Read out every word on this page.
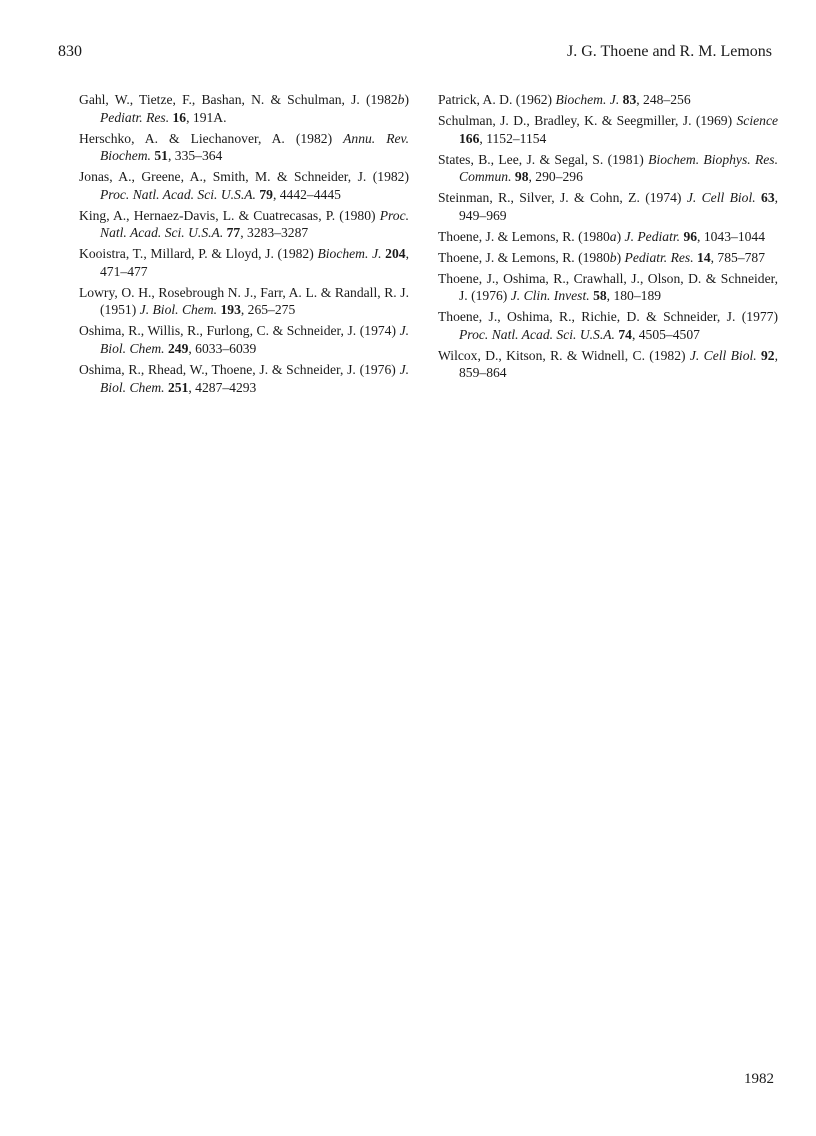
830	J. G. Thoene and R. M. Lemons

Gahl, W., Tietze, F., Bashan, N. & Schulman, J. (1982b) Pediatr. Res. 16, 191A.

Herschko, A. & Liechanover, A. (1982) Annu. Rev. Biochem. 51, 335–364

Jonas, A., Greene, A., Smith, M. & Schneider, J. (1982) Proc. Natl. Acad. Sci. U.S.A. 79, 4442–4445

King, A., Hernaez-Davis, L. & Cuatrecasas, P. (1980) Proc. Natl. Acad. Sci. U.S.A. 77, 3283–3287

Kooistra, T., Millard, P. & Lloyd, J. (1982) Biochem. J. 204, 471–477

Lowry, O. H., Rosebrough N. J., Farr, A. L. & Randall, R. J. (1951) J. Biol. Chem. 193, 265–275

Oshima, R., Willis, R., Furlong, C. & Schneider, J. (1974) J. Biol. Chem. 249, 6033–6039

Oshima, R., Rhead, W., Thoene, J. & Schneider, J. (1976) J. Biol. Chem. 251, 4287–4293

Patrick, A. D. (1962) Biochem. J. 83, 248–256

Schulman, J. D., Bradley, K. & Seegmiller, J. (1969) Science 166, 1152–1154

States, B., Lee, J. & Segal, S. (1981) Biochem. Biophys. Res. Commun. 98, 290–296

Steinman, R., Silver, J. & Cohn, Z. (1974) J. Cell Biol. 63, 949–969

Thoene, J. & Lemons, R. (1980a) J. Pediatr. 96, 1043–1044

Thoene, J. & Lemons, R. (1980b) Pediatr. Res. 14, 785–787

Thoene, J., Oshima, R., Crawhall, J., Olson, D. & Schneider, J. (1976) J. Clin. Invest. 58, 180–189

Thoene, J., Oshima, R., Richie, D. & Schneider, J. (1977) Proc. Natl. Acad. Sci. U.S.A. 74, 4505–4507

Wilcox, D., Kitson, R. & Widnell, C. (1982) J. Cell Biol. 92, 859–864

1982
